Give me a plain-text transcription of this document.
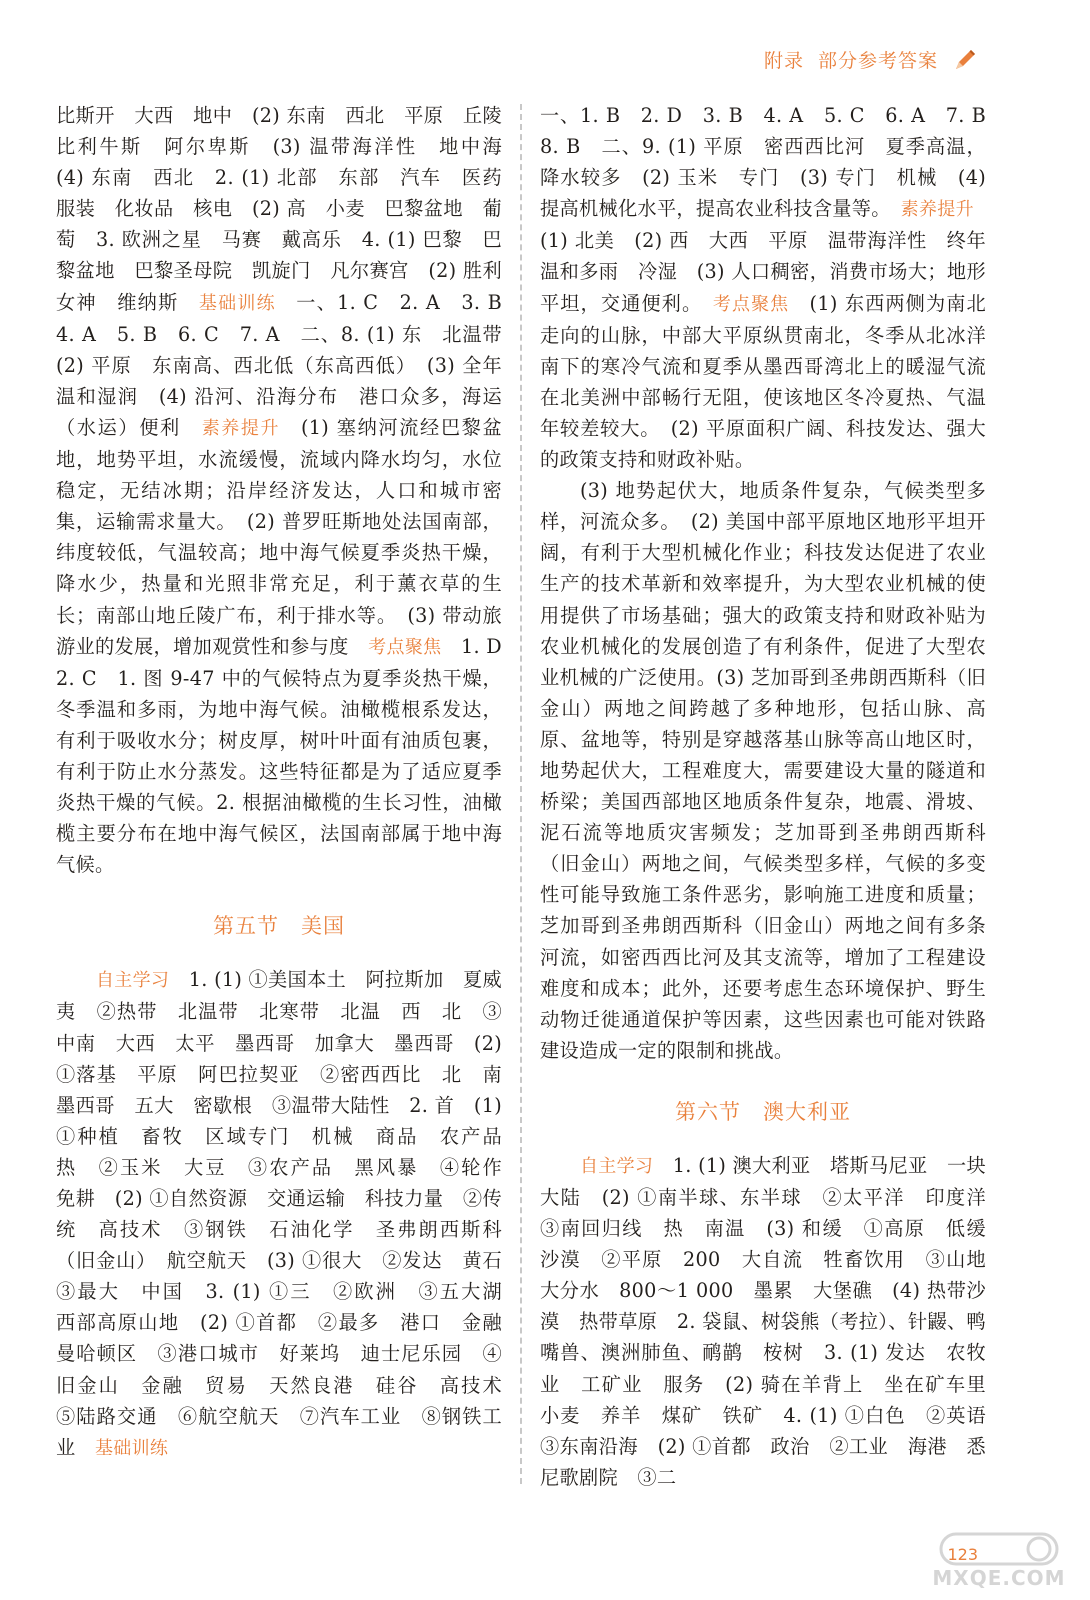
附录 部分参考答案

比斯开　大西　地中　(2) 东南　西北　平原　丘陵　比利牛斯　阿尔卑斯　(3) 温带海洋性　地中海　(4) 东南　西北　2. (1) 北部　东部　汽车　医药　服装　化妆品　核电　(2) 高　小麦　巴黎盆地　葡萄　3. 欧洲之星　马赛　戴高乐　4. (1) 巴黎　巴黎盆地　巴黎圣母院　凯旋门　凡尔赛宫　(2) 胜利女神　维纳斯　基础训练　一、1. C　2. A　3. B　4. A　5. B　6. C　7. A　二、8. (1) 东　北温带　(2) 平原　东南高、西北低（东高西低）　(3) 全年温和湿润　(4) 沿河、沿海分布　港口众多，海运（水运）便利　素养提升　(1) 塞纳河流经巴黎盆地，地势平坦，水流缓慢，流域内降水均匀，水位稳定，无结冰期；沿岸经济发达，人口和城市密集，运输需求量大。　(2) 普罗旺斯地处法国南部，纬度较低，气温较高；地中海气候夏季炎热干燥，降水少，热量和光照非常充足，利于薰衣草的生长；南部山地丘陵广布，利于排水等。　(3) 带动旅游业的发展，增加观赏性和参与度　考点聚焦　1. D　2. C　1. 图 9-47 中的气候特点为夏季炎热干燥，冬季温和多雨，为地中海气候。油橄榄根系发达，有利于吸收水分；树皮厚，树叶叶面有油质包裹，有利于防止水分蒸发。这些特征都是为了适应夏季炎热干燥的气候。2. 根据油橄榄的生长习性，油橄榄主要分布在地中海气候区，法国南部属于地中海气候。

第五节　美国

自主学习　1. (1) ①美国本土　阿拉斯加　夏威夷　②热带　北温带　北寒带　北温　西　北　③中南　大西　太平　墨西哥　加拿大　墨西哥　(2) ①落基　平原　阿巴拉契亚　②密西西比　北　南　墨西哥　五大　密歇根　③温带大陆性　2. 首　(1) ①种植　畜牧　区域专门　机械　商品　农产品　热　②玉米　大豆　③农产品　黑风暴　④轮作　免耕　(2) ①自然资源　交通运输　科技力量　②传统　高技术　③钢铁　石油化学　圣弗朗西斯科（旧金山）　航空航天　(3) ①很大　②发达　黄石　③最大　中国　3. (1) ①三　②欧洲　③五大湖　西部高原山地　(2) ①首都　②最多　港口　金融　曼哈顿区　③港口城市　好莱坞　迪士尼乐园　④旧金山　金融　贸易　天然良港　硅谷　高技术　⑤陆路交通　⑥航空航天　⑦汽车工业　⑧钢铁工业　基础训练

一、1. B　2. D　3. B　4. A　5. C　6. A　7. B　8. B　二、9. (1) 平原　密西西比河　夏季高温，降水较多　(2) 玉米　专门　(3) 专门　机械　(4) 提高机械化水平，提高农业科技含量等。　素养提升　(1) 北美　(2) 西　大西　平原　温带海洋性　终年温和多雨　冷湿　(3) 人口稠密，消费市场大；地形平坦，交通便利。　考点聚焦　(1) 东西两侧为南北走向的山脉，中部大平原纵贯南北，冬季从北冰洋南下的寒冷气流和夏季从墨西哥湾北上的暖湿气流在北美洲中部畅行无阻，使该地区冬冷夏热、气温年较差较大。　(2) 平原面积广阔、科技发达、强大的政策支持和财政补贴。

(3) 地势起伏大，地质条件复杂，气候类型多样，河流众多。　(2) 美国中部平原地区地形平坦开阔，有利于大型机械化作业；科技发达促进了农业生产的技术革新和效率提升，为大型农业机械的使用提供了市场基础；强大的政策支持和财政补贴为农业机械化的发展创造了有利条件，促进了大型农业机械的广泛使用。(3) 芝加哥到圣弗朗西斯科（旧金山）两地之间跨越了多种地形，包括山脉、高原、盆地等，特别是穿越落基山脉等高山地区时，地势起伏大，工程难度大，需要建设大量的隧道和桥梁；美国西部地区地质条件复杂，地震、滑坡、泥石流等地质灾害频发；芝加哥到圣弗朗西斯科（旧金山）两地之间，气候类型多样，气候的多变性可能导致施工条件恶劣，影响施工进度和质量；芝加哥到圣弗朗西斯科（旧金山）两地之间有多条河流，如密西西比河及其支流等，增加了工程建设难度和成本；此外，还要考虑生态环境保护、野生动物迁徙通道保护等因素，这些因素也可能对铁路建设造成一定的限制和挑战。

第六节　澳大利亚

自主学习　1. (1) 澳大利亚　塔斯马尼亚　一块大陆　(2) ①南半球、东半球　②太平洋　印度洋　③南回归线　热　南温　(3) 和缓　①高原　低缓　沙漠　②平原　200　大自流　牲畜饮用　③山地　大分水　800～1 000　墨累　大堡礁　(4) 热带沙漠　热带草原　2. 袋鼠、树袋熊（考拉）、针鼹、鸭嘴兽、澳洲肺鱼、鸸鹋　桉树　3. (1) 发达　农牧业　工矿业　服务　(2) 骑在羊背上　坐在矿车里　小麦　养羊　煤矿　铁矿　4. (1) ①白色　②英语　③东南沿海　(2) ①首都　政治　②工业　海港　悉尼歌剧院　③二

123
MXQE.COM
